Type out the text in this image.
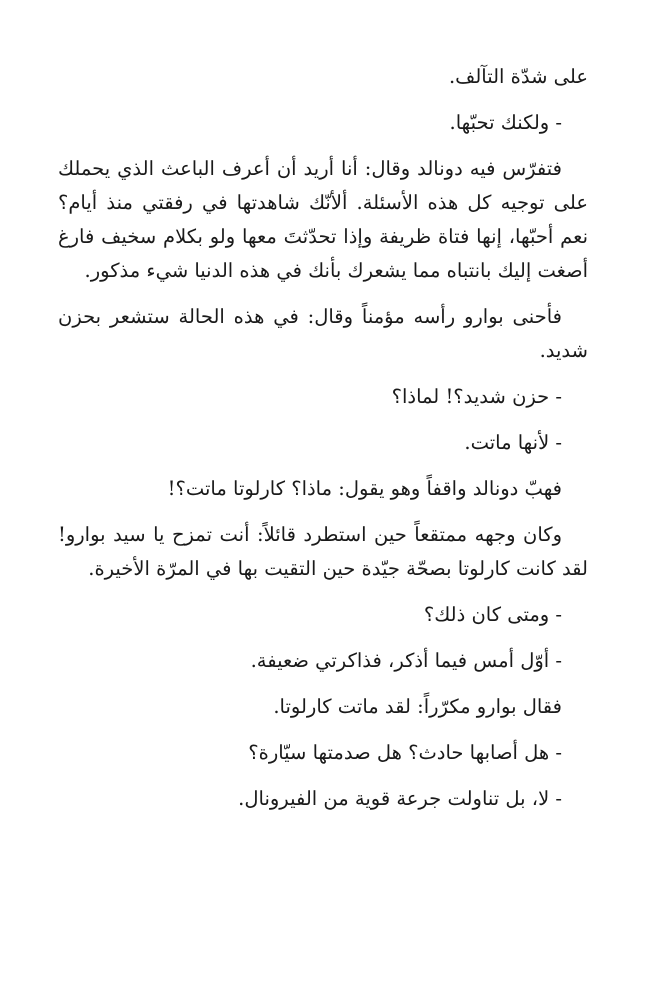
على شدّة التآلف.

- ولكنك تحبّها.

فتفرّس فيه دونالد وقال: أنا أريد أن أعرف الباعث الذي يحملك على توجيه كل هذه الأسئلة. ألأنّك شاهدتها في رفقتي منذ أيام؟ نعم أحبّها، إنها فتاة ظريفة وإذا تحدّثتَ معها ولو بكلام سخيف فارغ أصغت إليك بانتباه مما يشعرك بأنك في هذه الدنيا شيء مذكور.

فأحنى بوارو رأسه مؤمناً وقال: في هذه الحالة ستشعر بحزن شديد.

- حزن شديد؟! لماذا؟

- لأنها ماتت.

فهبّ دونالد واقفاً وهو يقول: ماذا؟ كارلوتا ماتت؟!

وكان وجهه ممتقعاً حين استطرد قائلاً: أنت تمزح يا سيد بوارو! لقد كانت كارلوتا بصحّة جيّدة حين التقيت بها في المرّة الأخيرة.

- ومتى كان ذلك؟

- أوّل أمس فيما أذكر، فذاكرتي ضعيفة.

فقال بوارو مكرّراً: لقد ماتت كارلوتا.

- هل أصابها حادث؟ هل صدمتها سيّارة؟

- لا، بل تناولت جرعة قوية من الفيرونال.
